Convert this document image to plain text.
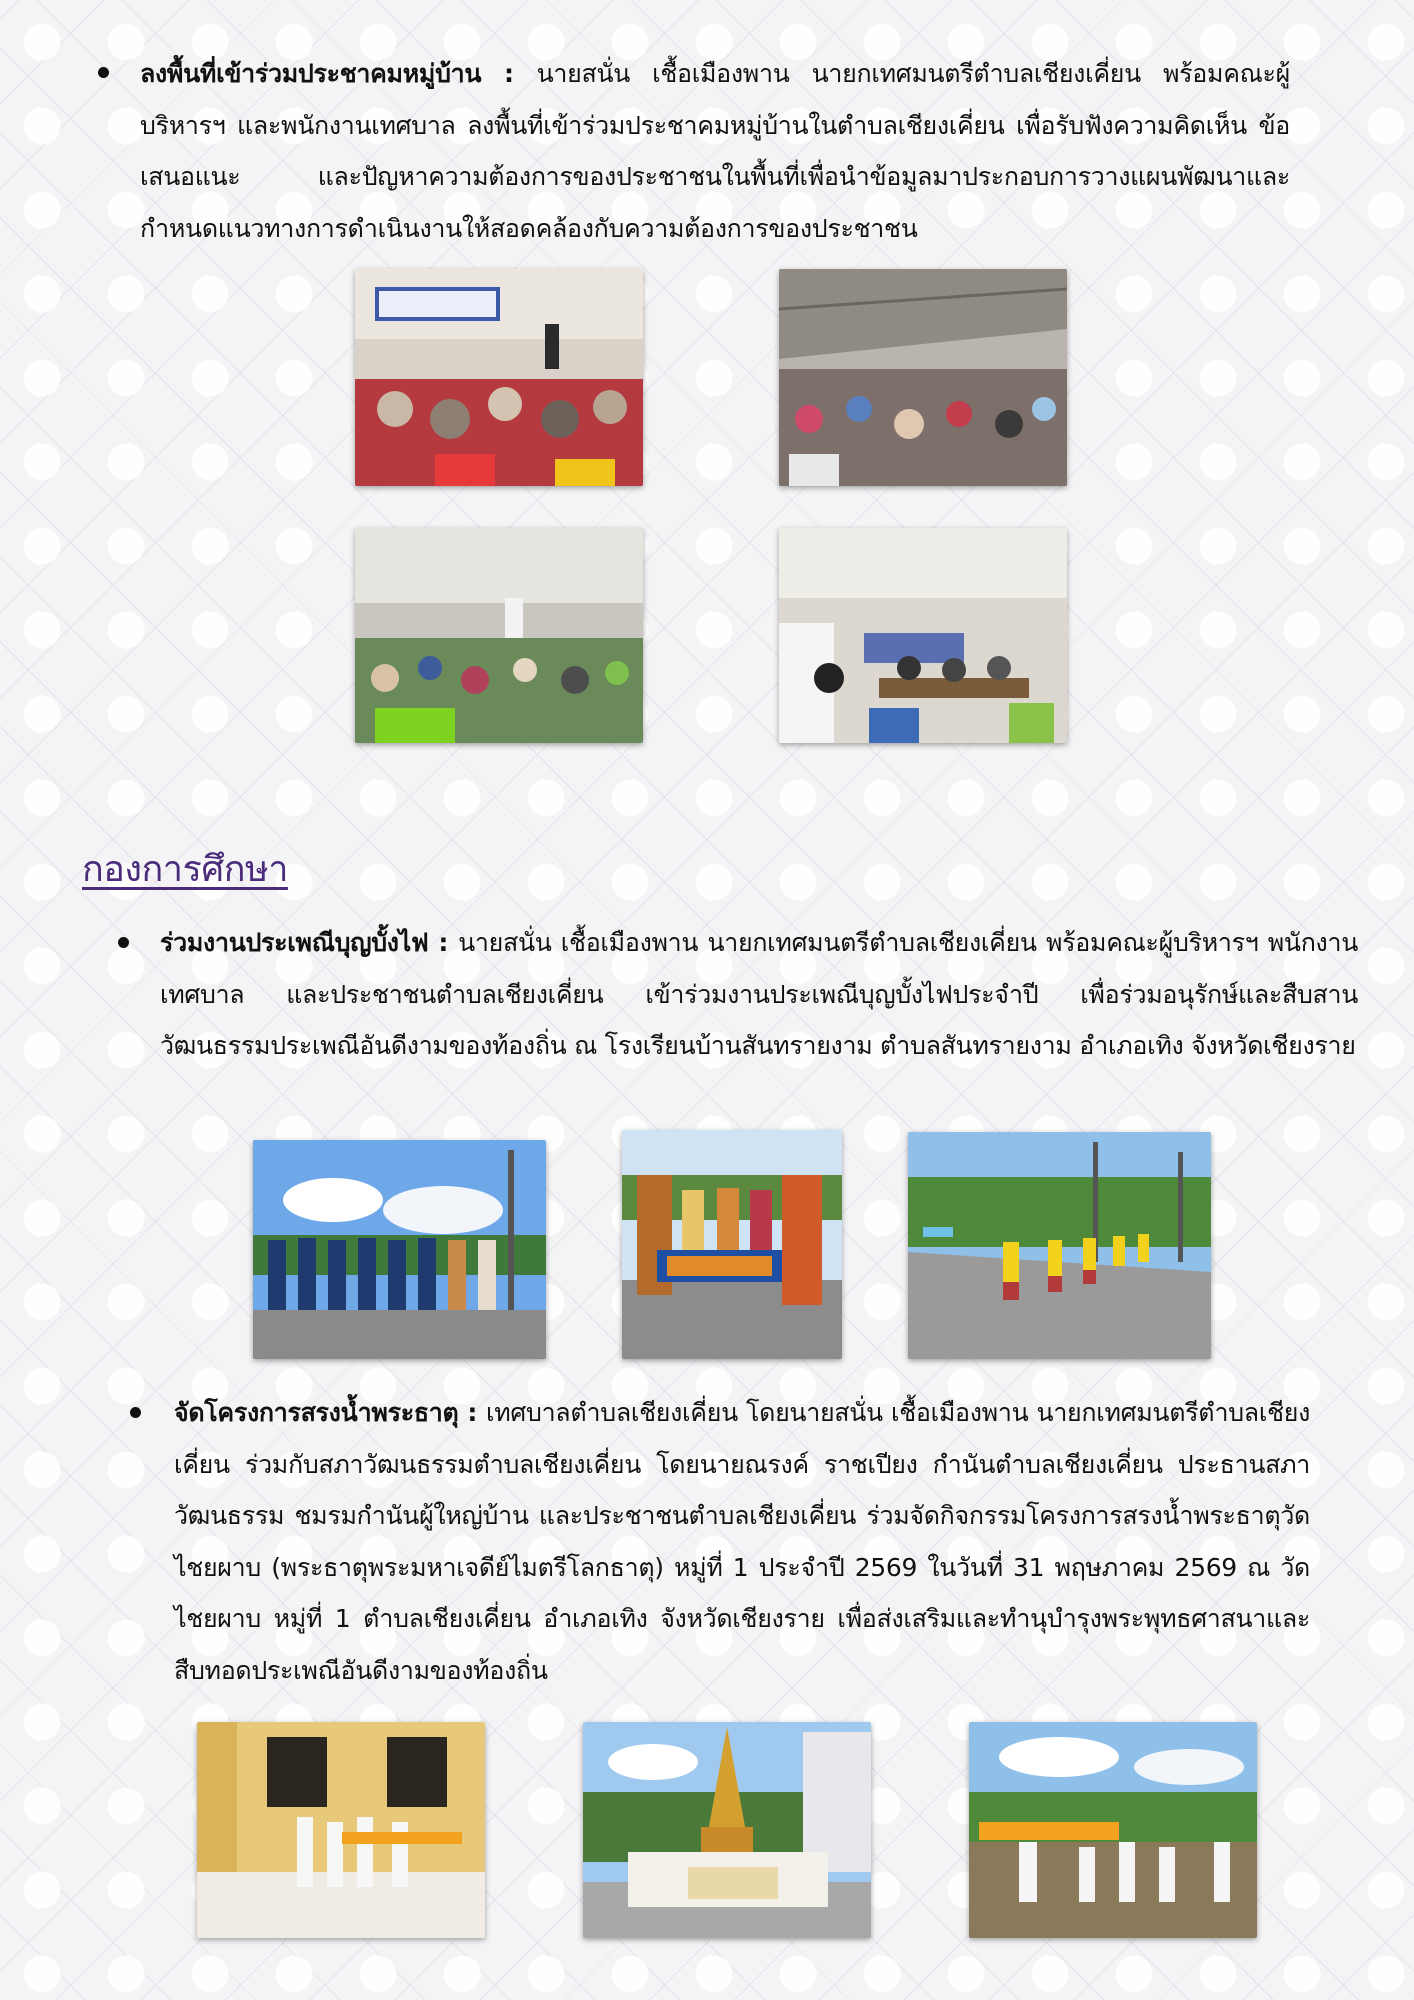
ลงพื้นที่เข้าร่วมประชาคมหมู่บ้าน : นายสนั่น เชื้อเมืองพาน นายกเทศมนตรีตำบลเชียงเคี่ยน พร้อมคณะผู้บริหารฯ และพนักงานเทศบาล ลงพื้นที่เข้าร่วมประชาคมหมู่บ้านในตำบลเชียงเคี่ยน เพื่อรับฟังความคิดเห็น ข้อเสนอแนะ และปัญหาความต้องการของประชาชนในพื้นที่เพื่อนำข้อมูลมาประกอบการวางแผนพัฒนาและกำหนดแนวทางการดำเนินงานให้สอดคล้องกับความต้องการของประชาชน
กองการศึกษา
ร่วมงานประเพณีบุญบั้งไฟ : นายสนั่น เชื้อเมืองพาน นายกเทศมนตรีตำบลเชียงเคี่ยน พร้อมคณะผู้บริหารฯ พนักงานเทศบาล และประชาชนตำบลเชียงเคี่ยน เข้าร่วมงานประเพณีบุญบั้งไฟประจำปี เพื่อร่วมอนุรักษ์และสืบสานวัฒนธรรมประเพณีอันดีงามของท้องถิ่น ณ โรงเรียนบ้านสันทรายงาม ตำบลสันทรายงาม อำเภอเทิง จังหวัดเชียงราย
จัดโครงการสรงน้ำพระธาตุ : เทศบาลตำบลเชียงเคี่ยน โดยนายสนั่น เชื้อเมืองพาน นายกเทศมนตรีตำบลเชียงเคี่ยน ร่วมกับสภาวัฒนธรรมตำบลเชียงเคี่ยน โดยนายณรงค์ ราชเปียง กำนันตำบลเชียงเคี่ยน ประธานสภาวัฒนธรรม ชมรมกำนันผู้ใหญ่บ้าน และประชาชนตำบลเชียงเคี่ยน ร่วมจัดกิจกรรมโครงการสรงน้ำพระธาตุวัดไชยผาบ (พระธาตุพระมหาเจดีย์ไมตรีโลกธาตุ) หมู่ที่ 1 ประจำปี 2569 ในวันที่ 31 พฤษภาคม 2569 ณ วัดไชยผาบ หมู่ที่ 1 ตำบลเชียงเคี่ยน อำเภอเทิง จังหวัดเชียงราย เพื่อส่งเสริมและทำนุบำรุงพระพุทธศาสนาและสืบทอดประเพณีอันดีงามของท้องถิ่น
